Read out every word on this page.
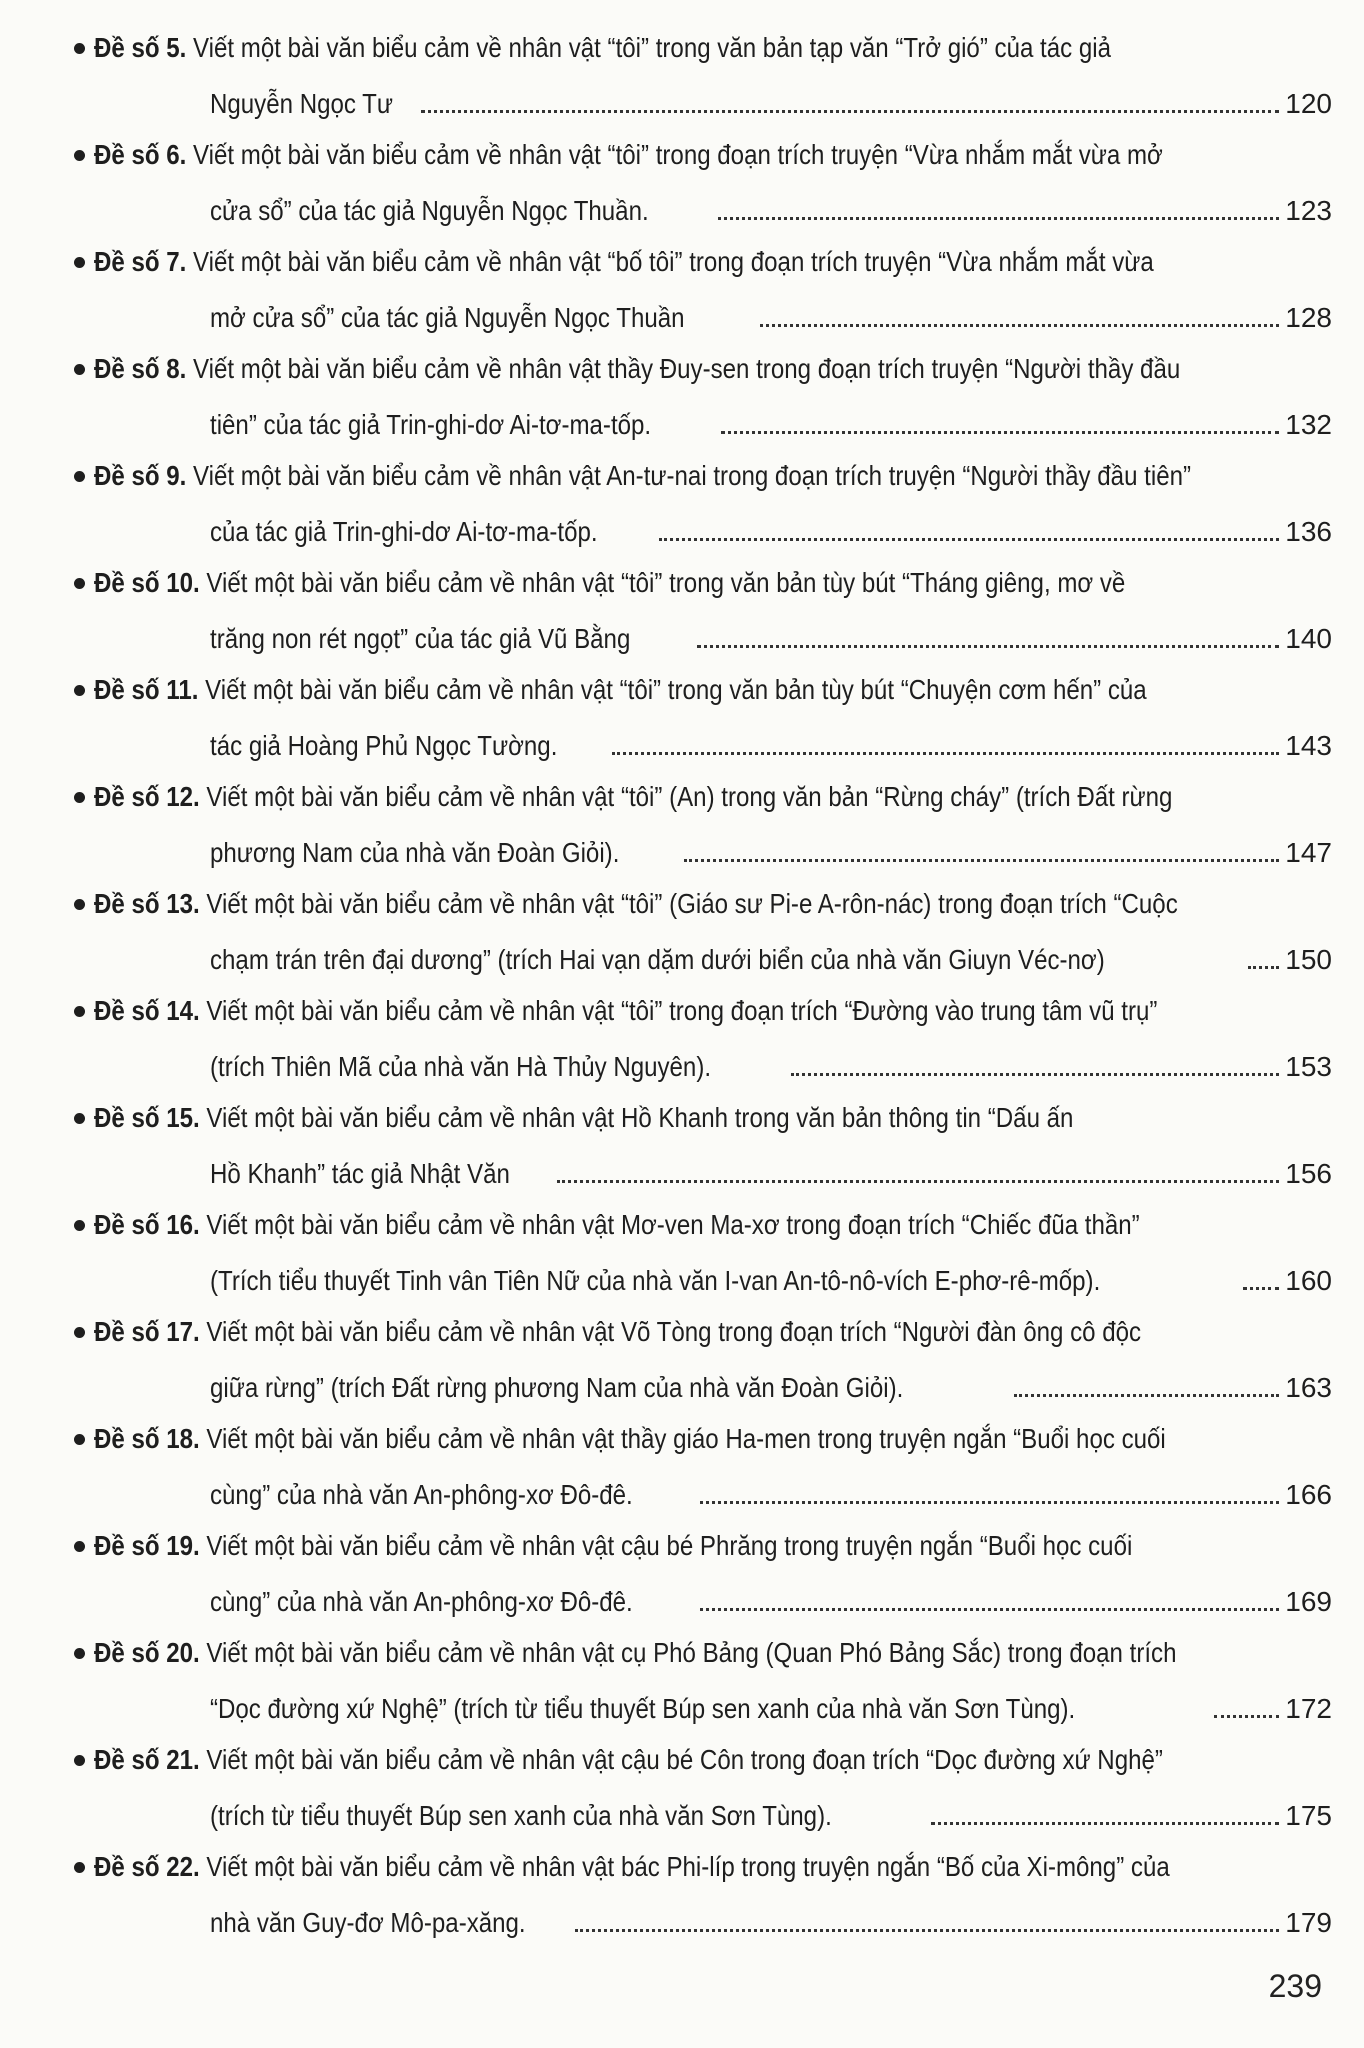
Đề số 5. Viết một bài văn biểu cảm về nhân vật “tôi” trong văn bản tạp văn “Trở gió” của tác giả
Nguyễn Ngọc Tư	120
Đề số 6. Viết một bài văn biểu cảm về nhân vật “tôi” trong đoạn trích truyện “Vừa nhắm mắt vừa mở
cửa sổ” của tác giả Nguyễn Ngọc Thuần.	123
Đề số 7. Viết một bài văn biểu cảm về nhân vật “bố tôi” trong đoạn trích truyện “Vừa nhắm mắt vừa
mở cửa sổ” của tác giả Nguyễn Ngọc Thuần	128
Đề số 8. Viết một bài văn biểu cảm về nhân vật thầy Đuy-sen trong đoạn trích truyện “Người thầy đầu
tiên” của tác giả Trin-ghi-dơ Ai-tơ-ma-tốp.	132
Đề số 9. Viết một bài văn biểu cảm về nhân vật An-tư-nai trong đoạn trích truyện “Người thầy đầu tiên”
của tác giả Trin-ghi-dơ Ai-tơ-ma-tốp.	136
Đề số 10. Viết một bài văn biểu cảm về nhân vật “tôi” trong văn bản tùy bút “Tháng giêng, mơ về
trăng non rét ngọt” của tác giả Vũ Bằng	140
Đề số 11. Viết một bài văn biểu cảm về nhân vật “tôi” trong văn bản tùy bút “Chuyện cơm hến” của
tác giả Hoàng Phủ Ngọc Tường.	143
Đề số 12. Viết một bài văn biểu cảm về nhân vật “tôi” (An) trong văn bản “Rừng cháy” (trích Đất rừng
phương Nam của nhà văn Đoàn Giỏi).	147
Đề số 13. Viết một bài văn biểu cảm về nhân vật “tôi” (Giáo sư Pi-e A-rôn-nác) trong đoạn trích “Cuộc
chạm trán trên đại dương” (trích Hai vạn dặm dưới biển của nhà văn Giuyn Véc-nơ)	150
Đề số 14. Viết một bài văn biểu cảm về nhân vật “tôi” trong đoạn trích “Đường vào trung tâm vũ trụ”
(trích Thiên Mã của nhà văn Hà Thủy Nguyên).	153
Đề số 15. Viết một bài văn biểu cảm về nhân vật Hồ Khanh trong văn bản thông tin “Dấu ấn
Hồ Khanh” tác giả Nhật Văn	156
Đề số 16. Viết một bài văn biểu cảm về nhân vật Mơ-ven Ma-xơ trong đoạn trích “Chiếc đũa thần”
(Trích tiểu thuyết Tinh vân Tiên Nữ của nhà văn I-van An-tô-nô-vích E-phơ-rê-mốp).	160
Đề số 17. Viết một bài văn biểu cảm về nhân vật Võ Tòng trong đoạn trích “Người đàn ông cô độc
giữa rừng” (trích Đất rừng phương Nam của nhà văn Đoàn Giỏi).	163
Đề số 18. Viết một bài văn biểu cảm về nhân vật thầy giáo Ha-men trong truyện ngắn “Buổi học cuối
cùng” của nhà văn An-phông-xơ Đô-đê.	166
Đề số 19. Viết một bài văn biểu cảm về nhân vật cậu bé Phrăng trong truyện ngắn “Buổi học cuối
cùng” của nhà văn An-phông-xơ Đô-đê.	169
Đề số 20. Viết một bài văn biểu cảm về nhân vật cụ Phó Bảng (Quan Phó Bảng Sắc) trong đoạn trích
“Dọc đường xứ Nghệ” (trích từ tiểu thuyết Búp sen xanh của nhà văn Sơn Tùng).	172
Đề số 21. Viết một bài văn biểu cảm về nhân vật cậu bé Côn trong đoạn trích “Dọc đường xứ Nghệ”
(trích từ tiểu thuyết Búp sen xanh của nhà văn Sơn Tùng).	175
Đề số 22. Viết một bài văn biểu cảm về nhân vật bác Phi-líp trong truyện ngắn “Bố của Xi-mông” của
nhà văn Guy-đơ Mô-pa-xăng.	179
239
